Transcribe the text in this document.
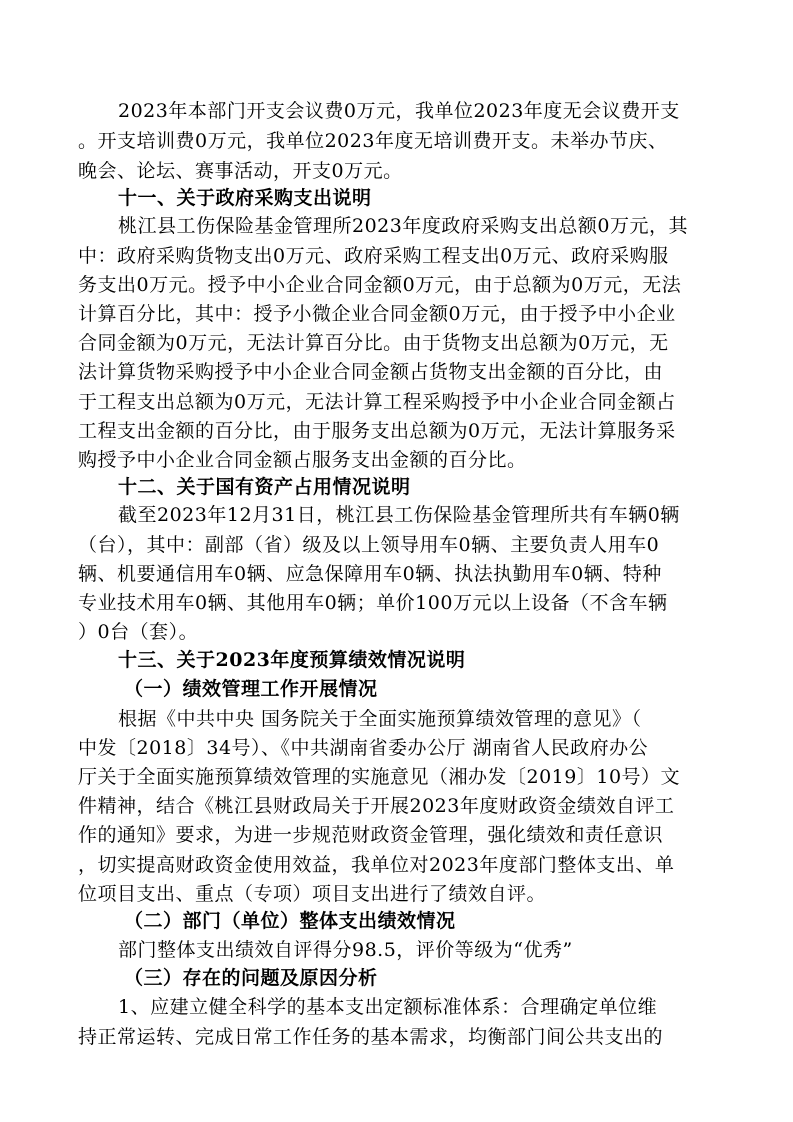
2023年本部门开支会议费0万元，我单位2023年度无会议费开支
。开支培训费0万元，我单位2023年度无培训费开支。未举办节庆、
晚会、论坛、赛事活动，开支0万元。
十一、关于政府采购支出说明
桃江县工伤保险基金管理所2023年度政府采购支出总额0万元，其
中：政府采购货物支出0万元、政府采购工程支出0万元、政府采购服
务支出0万元。授予中小企业合同金额0万元，由于总额为0万元，无法
计算百分比，其中：授予小微企业合同金额0万元，由于授予中小企业
合同金额为0万元，无法计算百分比。由于货物支出总额为0万元，无
法计算货物采购授予中小企业合同金额占货物支出金额的百分比，由
于工程支出总额为0万元，无法计算工程采购授予中小企业合同金额占
工程支出金额的百分比，由于服务支出总额为0万元，无法计算服务采
购授予中小企业合同金额占服务支出金额的百分比。
十二、关于国有资产占用情况说明
截至2023年12月31日，桃江县工伤保险基金管理所共有车辆0辆
（台），其中：副部（省）级及以上领导用车0辆、主要负责人用车0
辆、机要通信用车0辆、应急保障用车0辆、执法执勤用车0辆、特种
专业技术用车0辆、其他用车0辆；单价100万元以上设备（不含车辆
）0台（套）。
十三、关于2023年度预算绩效情况说明
（一）绩效管理工作开展情况
根据《中共中央 国务院关于全面实施预算绩效管理的意见》（
中发〔2018〕34号）、《中共湖南省委办公厅 湖南省人民政府办公
厅关于全面实施预算绩效管理的实施意见（湘办发〔2019〕10号）文
件精神，结合《桃江县财政局关于开展2023年度财政资金绩效自评工
作的通知》要求，为进一步规范财政资金管理，强化绩效和责任意识
，切实提高财政资金使用效益，我单位对2023年度部门整体支出、单
位项目支出、重点（专项）项目支出进行了绩效自评。
（二）部门（单位）整体支出绩效情况
部门整体支出绩效自评得分98.5，评价等级为“优秀”
（三）存在的问题及原因分析
1、应建立健全科学的基本支出定额标准体系：合理确定单位维
持正常运转、完成日常工作任务的基本需求，均衡部门间公共支出的
